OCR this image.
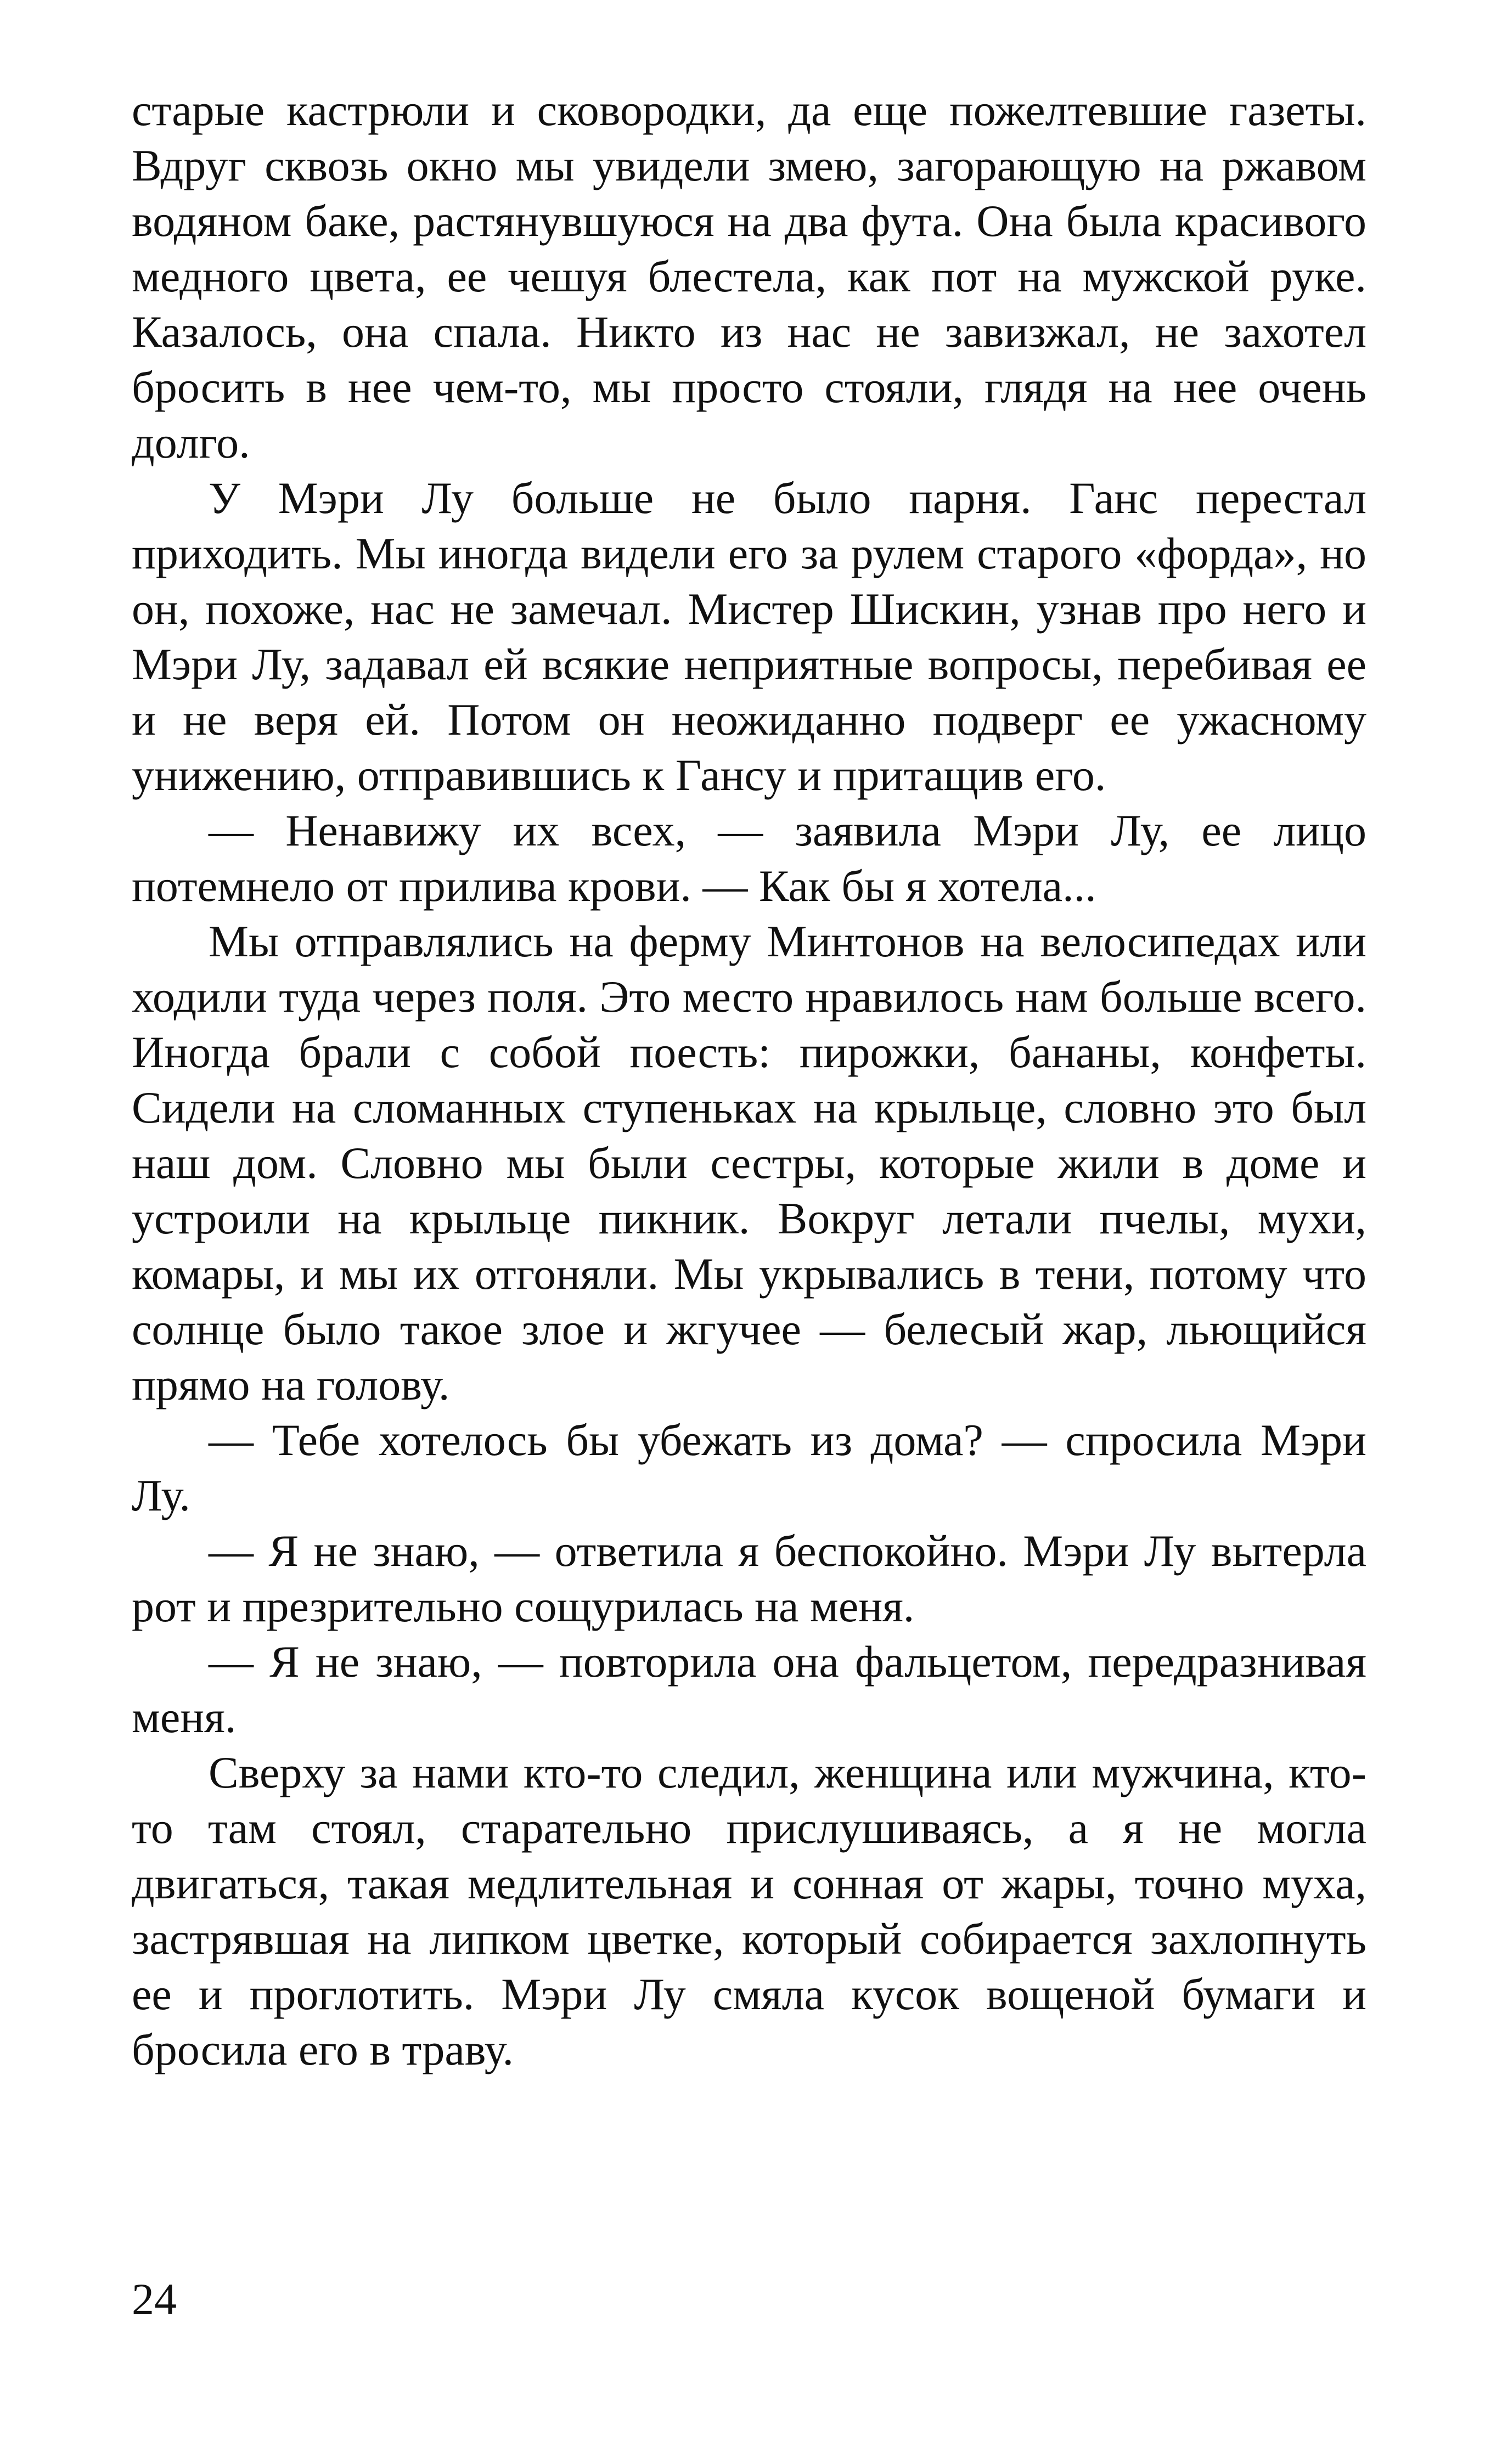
старые кастрюли и сковородки, да еще пожелтевшие газеты. Вдруг сквозь окно мы увидели змею, загорающую на ржавом водяном баке, растянувшуюся на два фута. Она была красивого медного цвета, ее чешуя блестела, как пот на мужской руке. Казалось, она спала. Никто из нас не завизжал, не захотел бросить в нее чем-то, мы просто стояли, глядя на нее очень долго.

У Мэри Лу больше не было парня. Ганс перестал приходить. Мы иногда видели его за рулем старого «форда», но он, похоже, нас не замечал. Мистер Шискин, узнав про него и Мэри Лу, задавал ей всякие неприятные вопросы, перебивая ее и не веря ей. Потом он неожиданно подверг ее ужасному унижению, отправившись к Гансу и притащив его.

— Ненавижу их всех, — заявила Мэри Лу, ее лицо потемнело от прилива крови. — Как бы я хотела...

Мы отправлялись на ферму Минтонов на велосипедах или ходили туда через поля. Это место нравилось нам больше всего. Иногда брали с собой поесть: пирожки, бананы, конфеты. Сидели на сломанных ступеньках на крыльце, словно это был наш дом. Словно мы были сестры, которые жили в доме и устроили на крыльце пикник. Вокруг летали пчелы, мухи, комары, и мы их отгоняли. Мы укрывались в тени, потому что солнце было такое злое и жгучее — белесый жар, льющийся прямо на голову.

— Тебе хотелось бы убежать из дома? — спросила Мэри Лу.

— Я не знаю, — ответила я беспокойно. Мэри Лу вытерла рот и презрительно сощурилась на меня.

— Я не знаю, — повторила она фальцетом, передразнивая меня.

Сверху за нами кто-то следил, женщина или мужчина, кто-то там стоял, старательно прислушиваясь, а я не могла двигаться, такая медлительная и сонная от жары, точно муха, застрявшая на липком цветке, который собирается захлопнуть ее и проглотить. Мэри Лу смяла кусок вощеной бумаги и бросила его в траву.

24
